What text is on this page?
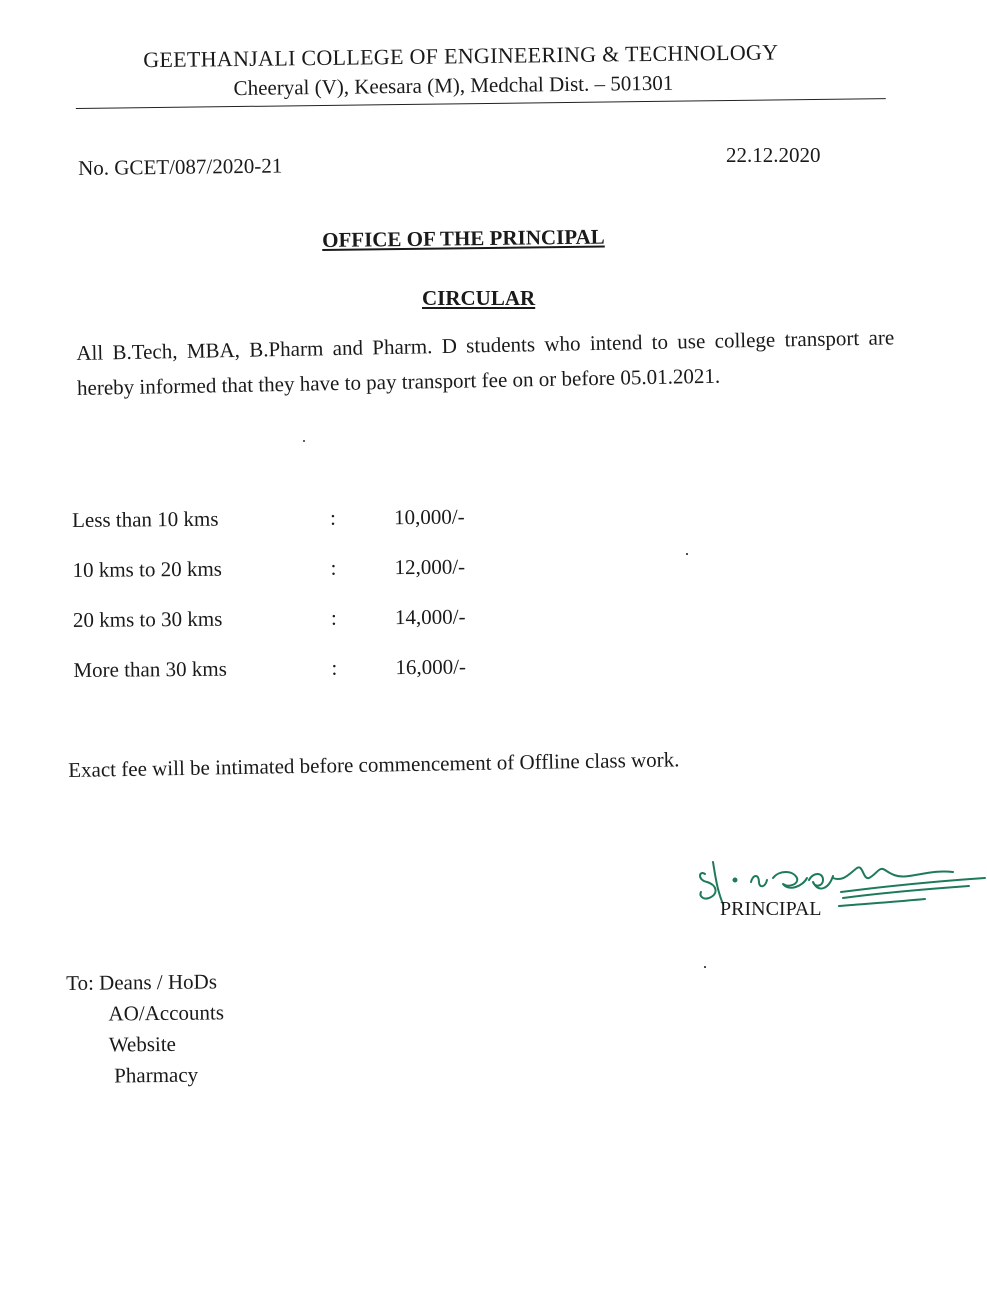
GEETHANJALI COLLEGE OF ENGINEERING & TECHNOLOGY
Cheeryal (V), Keesara (M), Medchal Dist. – 501301
No. GCET/087/2020-21	22.12.2020
OFFICE OF THE PRINCIPAL
CIRCULAR
All B.Tech, MBA, B.Pharm and Pharm. D students who intend to use college transport are hereby informed that they have to pay transport fee on or before 05.01.2021.
Less than 10 kms	:	10,000/-
10 kms to 20 kms	:	12,000/-
20 kms to 30 kms	:	14,000/-
More than 30 kms	:	16,000/-
Exact fee will be intimated before commencement of Offline class work.
PRINCIPAL
To: Deans / HoDs
AO/Accounts
Website
Pharmacy
